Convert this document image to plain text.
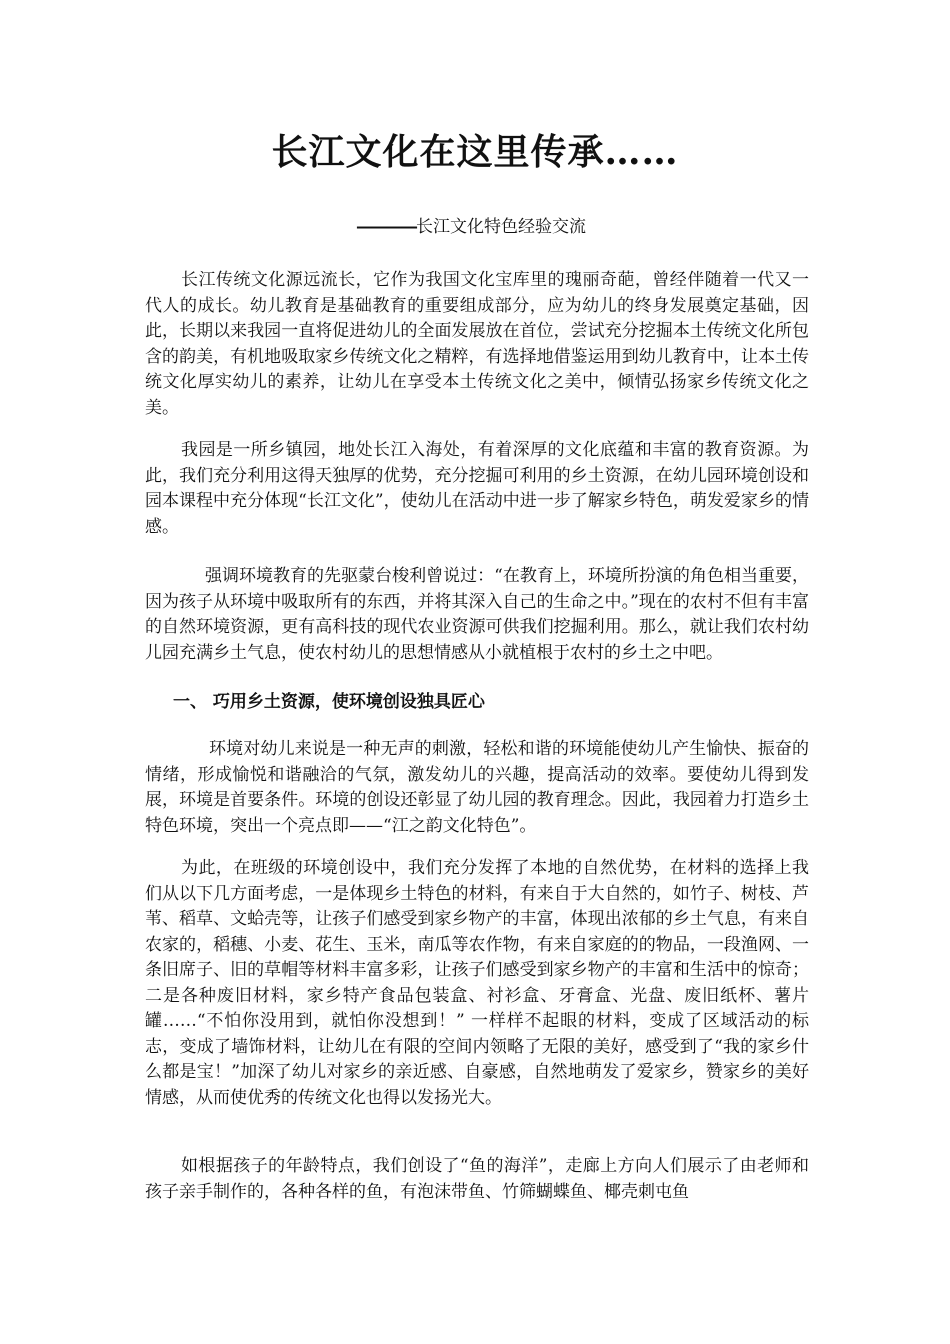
长江文化在这里传承……
————长江文化特色经验交流

长江传统文化源远流长，它作为我国文化宝库里的瑰丽奇葩，曾经伴随着一代又一代人的成长。幼儿教育是基础教育的重要组成部分，应为幼儿的终身发展奠定基础，因此，长期以来我园一直将促进幼儿的全面发展放在首位，尝试充分挖掘本土传统文化所包含的韵美，有机地吸取家乡传统文化之精粹，有选择地借鉴运用到幼儿教育中，让本土传统文化厚实幼儿的素养，让幼儿在享受本土传统文化之美中，倾情弘扬家乡传统文化之美。

我园是一所乡镇园，地处长江入海处，有着深厚的文化底蕴和丰富的教育资源。为此，我们充分利用这得天独厚的优势，充分挖掘可利用的乡土资源，在幼儿园环境创设和园本课程中充分体现“长江文化”，使幼儿在活动中进一步了解家乡特色，萌发爱家乡的情感。

强调环境教育的先驱蒙台梭利曾说过：“在教育上，环境所扮演的角色相当重要，因为孩子从环境中吸取所有的东西，并将其深入自己的生命之中。”现在的农村不但有丰富的自然环境资源，更有高科技的现代农业资源可供我们挖掘利用。那么，就让我们农村幼儿园充满乡土气息，使农村幼儿的思想情感从小就植根于农村的乡土之中吧。

一、 巧用乡土资源，使环境创设独具匠心

环境对幼儿来说是一种无声的刺激，轻松和谐的环境能使幼儿产生愉快、振奋的情绪，形成愉悦和谐融洽的气氛，激发幼儿的兴趣，提高活动的效率。要使幼儿得到发展，环境是首要条件。环境的创设还彰显了幼儿园的教育理念。因此，我园着力打造乡土特色环境，突出一个亮点即——“江之韵文化特色”。

为此，在班级的环境创设中，我们充分发挥了本地的自然优势，在材料的选择上我们从以下几方面考虑，一是体现乡土特色的材料，有来自于大自然的，如竹子、树枝、芦苇、稻草、文蛤壳等，让孩子们感受到家乡物产的丰富，体现出浓郁的乡土气息，有来自农家的，稻穗、小麦、花生、玉米，南瓜等农作物，有来自家庭的的物品，一段渔网、一条旧席子、旧的草帽等材料丰富多彩，让孩子们感受到家乡物产的丰富和生活中的惊奇；二是各种废旧材料，家乡特产食品包装盒、衬衫盒、牙膏盒、光盘、废旧纸杯、薯片罐……“不怕你没用到，就怕你没想到！” 一样样不起眼的材料，变成了区域活动的标志，变成了墙饰材料，让幼儿在有限的空间内领略了无限的美好，感受到了“我的家乡什么都是宝！”加深了幼儿对家乡的亲近感、自豪感，自然地萌发了爱家乡，赞家乡的美好情感，从而使优秀的传统文化也得以发扬光大。

如根据孩子的年龄特点，我们创设了“鱼的海洋”，走廊上方向人们展示了由老师和孩子亲手制作的，各种各样的鱼，有泡沫带鱼、竹筛蝴蝶鱼、椰壳刺屯鱼
